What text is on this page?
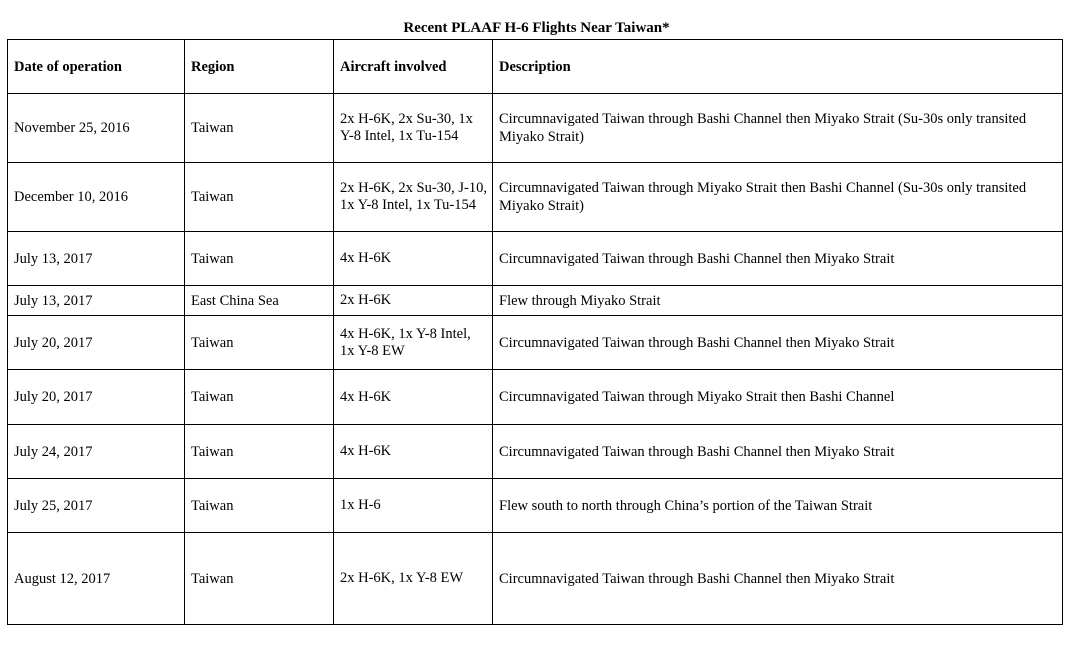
Recent PLAAF H-6 Flights Near Taiwan*
Date of operation	Region	Aircraft involved	Description
November 25, 2016	Taiwan	2x H-6K, 2x Su-30, 1x Y-8 Intel, 1x Tu-154	Circumnavigated Taiwan through Bashi Channel then Miyako Strait (Su-30s only transited Miyako Strait)
December 10, 2016	Taiwan	2x H-6K, 2x Su-30, J-10, 1x Y-8 Intel, 1x Tu-154	Circumnavigated Taiwan through Miyako Strait then Bashi Channel (Su-30s only transited Miyako Strait)
July 13, 2017	Taiwan	4x H-6K	Circumnavigated Taiwan through Bashi Channel then Miyako Strait
July 13, 2017	East China Sea	2x H-6K	Flew through Miyako Strait
July 20, 2017	Taiwan	4x H-6K, 1x Y-8 Intel, 1x Y-8 EW	Circumnavigated Taiwan through Bashi Channel then Miyako Strait
July 20, 2017	Taiwan	4x H-6K	Circumnavigated Taiwan through Miyako Strait then Bashi Channel
July 24, 2017	Taiwan	4x H-6K	Circumnavigated Taiwan through Bashi Channel then Miyako Strait
July 25, 2017	Taiwan	1x H-6	Flew south to north through China’s portion of the Taiwan Strait
August 12, 2017	Taiwan	2x H-6K, 1x Y-8 EW	Circumnavigated Taiwan through Bashi Channel then Miyako Strait
